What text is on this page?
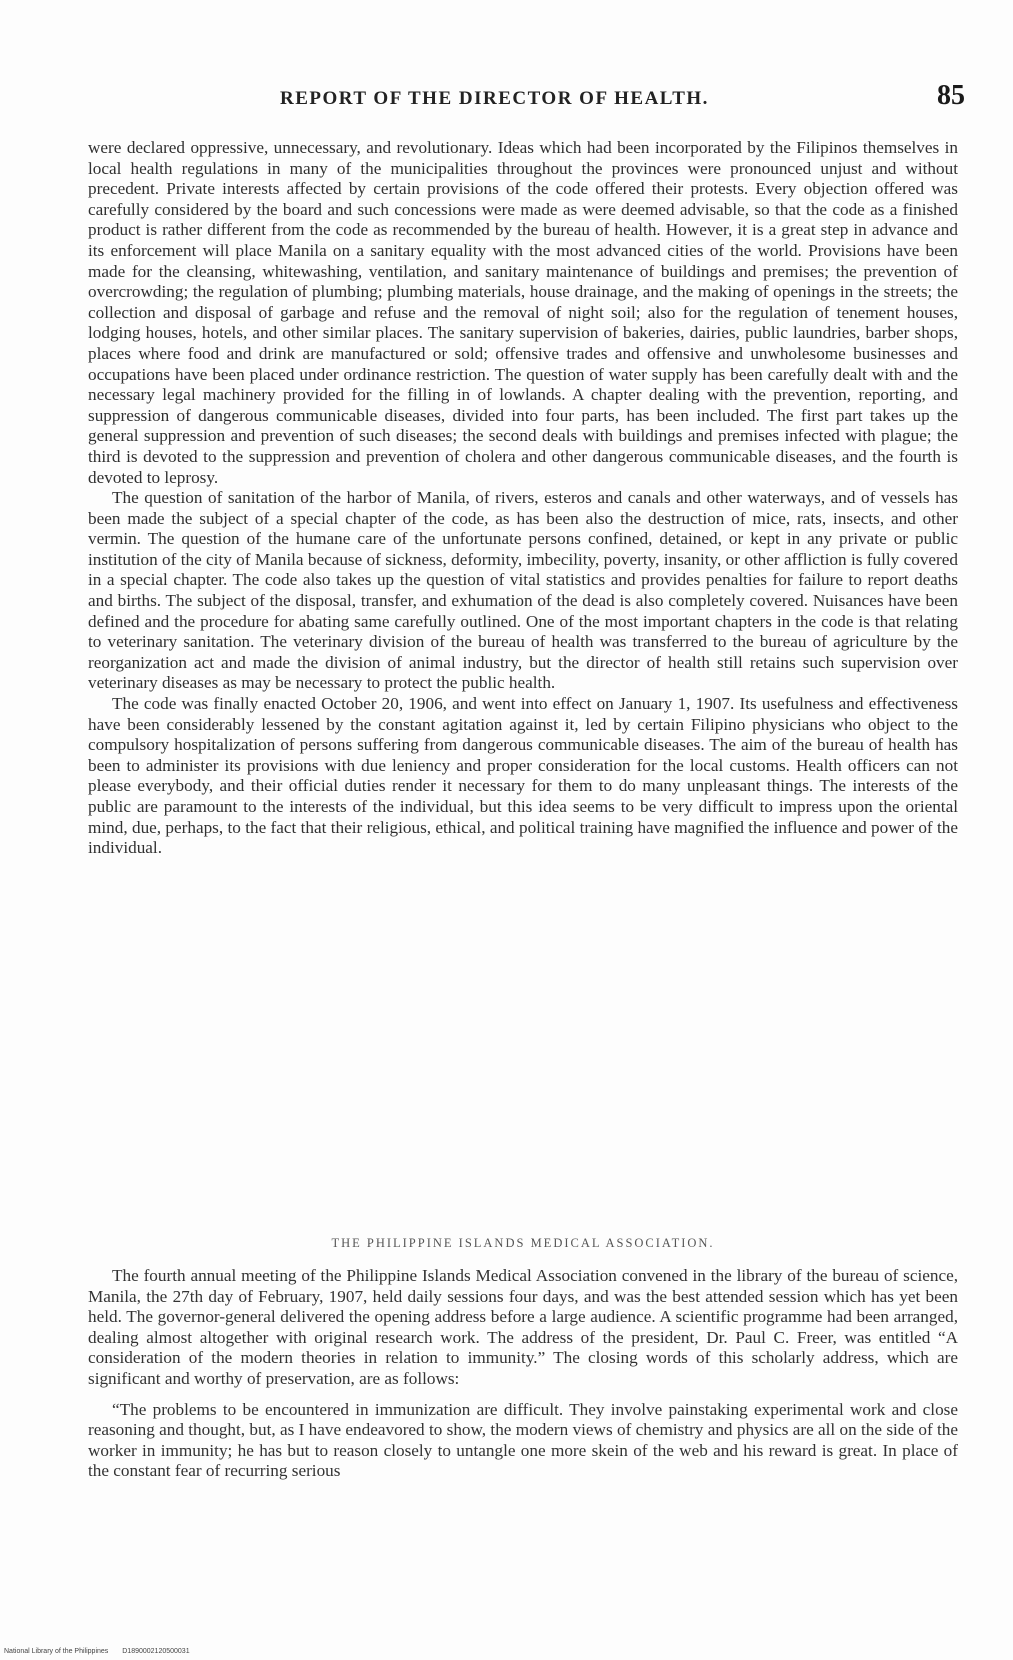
REPORT OF THE DIRECTOR OF HEALTH.	85

were declared oppressive, unnecessary, and revolutionary. Ideas which had been incorporated by the Filipinos themselves in local health regulations in many of the municipalities throughout the provinces were pronounced unjust and without precedent. Private interests affected by certain provisions of the code offered their protests. Every objection offered was carefully considered by the board and such concessions were made as were deemed advisable, so that the code as a finished product is rather different from the code as recommended by the bureau of health. However, it is a great step in advance and its enforcement will place Manila on a sanitary equality with the most advanced cities of the world. Provisions have been made for the cleansing, whitewashing, ventilation, and sanitary maintenance of buildings and premises; the prevention of overcrowding; the regulation of plumbing; plumbing materials, house drainage, and the making of openings in the streets; the collection and disposal of garbage and refuse and the removal of night soil; also for the regulation of tenement houses, lodging houses, hotels, and other similar places. The sanitary supervision of bakeries, dairies, public laundries, barber shops, places where food and drink are manufactured or sold; offensive trades and offensive and unwholesome businesses and occupations have been placed under ordinance restriction. The question of water supply has been carefully dealt with and the necessary legal machinery provided for the filling in of lowlands. A chapter dealing with the prevention, reporting, and suppression of dangerous communicable diseases, divided into four parts, has been included. The first part takes up the general suppression and prevention of such diseases; the second deals with buildings and premises infected with plague; the third is devoted to the suppression and prevention of cholera and other dangerous communicable diseases, and the fourth is devoted to leprosy.

The question of sanitation of the harbor of Manila, of rivers, esteros and canals and other waterways, and of vessels has been made the subject of a special chapter of the code, as has been also the destruction of mice, rats, insects, and other vermin. The question of the humane care of the unfortunate persons confined, detained, or kept in any private or public institution of the city of Manila because of sickness, deformity, imbecility, poverty, insanity, or other affliction is fully covered in a special chapter. The code also takes up the question of vital statistics and provides penalties for failure to report deaths and births. The subject of the disposal, transfer, and exhumation of the dead is also completely covered. Nuisances have been defined and the procedure for abating same carefully outlined. One of the most important chapters in the code is that relating to veterinary sanitation. The veterinary division of the bureau of health was transferred to the bureau of agriculture by the reorganization act and made the division of animal industry, but the director of health still retains such supervision over veterinary diseases as may be necessary to protect the public health.

The code was finally enacted October 20, 1906, and went into effect on January 1, 1907. Its usefulness and effectiveness have been considerably lessened by the constant agitation against it, led by certain Filipino physicians who object to the compulsory hospitalization of persons suffering from dangerous communicable diseases. The aim of the bureau of health has been to administer its provisions with due leniency and proper consideration for the local customs. Health officers can not please everybody, and their official duties render it necessary for them to do many unpleasant things. The interests of the public are paramount to the interests of the individual, but this idea seems to be very difficult to impress upon the oriental mind, due, perhaps, to the fact that their religious, ethical, and political training have magnified the influence and power of the individual.

THE PHILIPPINE ISLANDS MEDICAL ASSOCIATION.

The fourth annual meeting of the Philippine Islands Medical Association convened in the library of the bureau of science, Manila, the 27th day of February, 1907, held daily sessions four days, and was the best attended session which has yet been held. The governor-general delivered the opening address before a large audience. A scientific programme had been arranged, dealing almost altogether with original research work. The address of the president, Dr. Paul C. Freer, was entitled “A consideration of the modern theories in relation to immunity.” The closing words of this scholarly address, which are significant and worthy of preservation, are as follows:

“The problems to be encountered in immunization are difficult. They involve painstaking experimental work and close reasoning and thought, but, as I have endeavored to show, the modern views of chemistry and physics are all on the side of the worker in immunity; he has but to reason closely to untangle one more skein of the web and his reward is great. In place of the constant fear of recurring serious

National Library of the Philippines D1890002120500031
